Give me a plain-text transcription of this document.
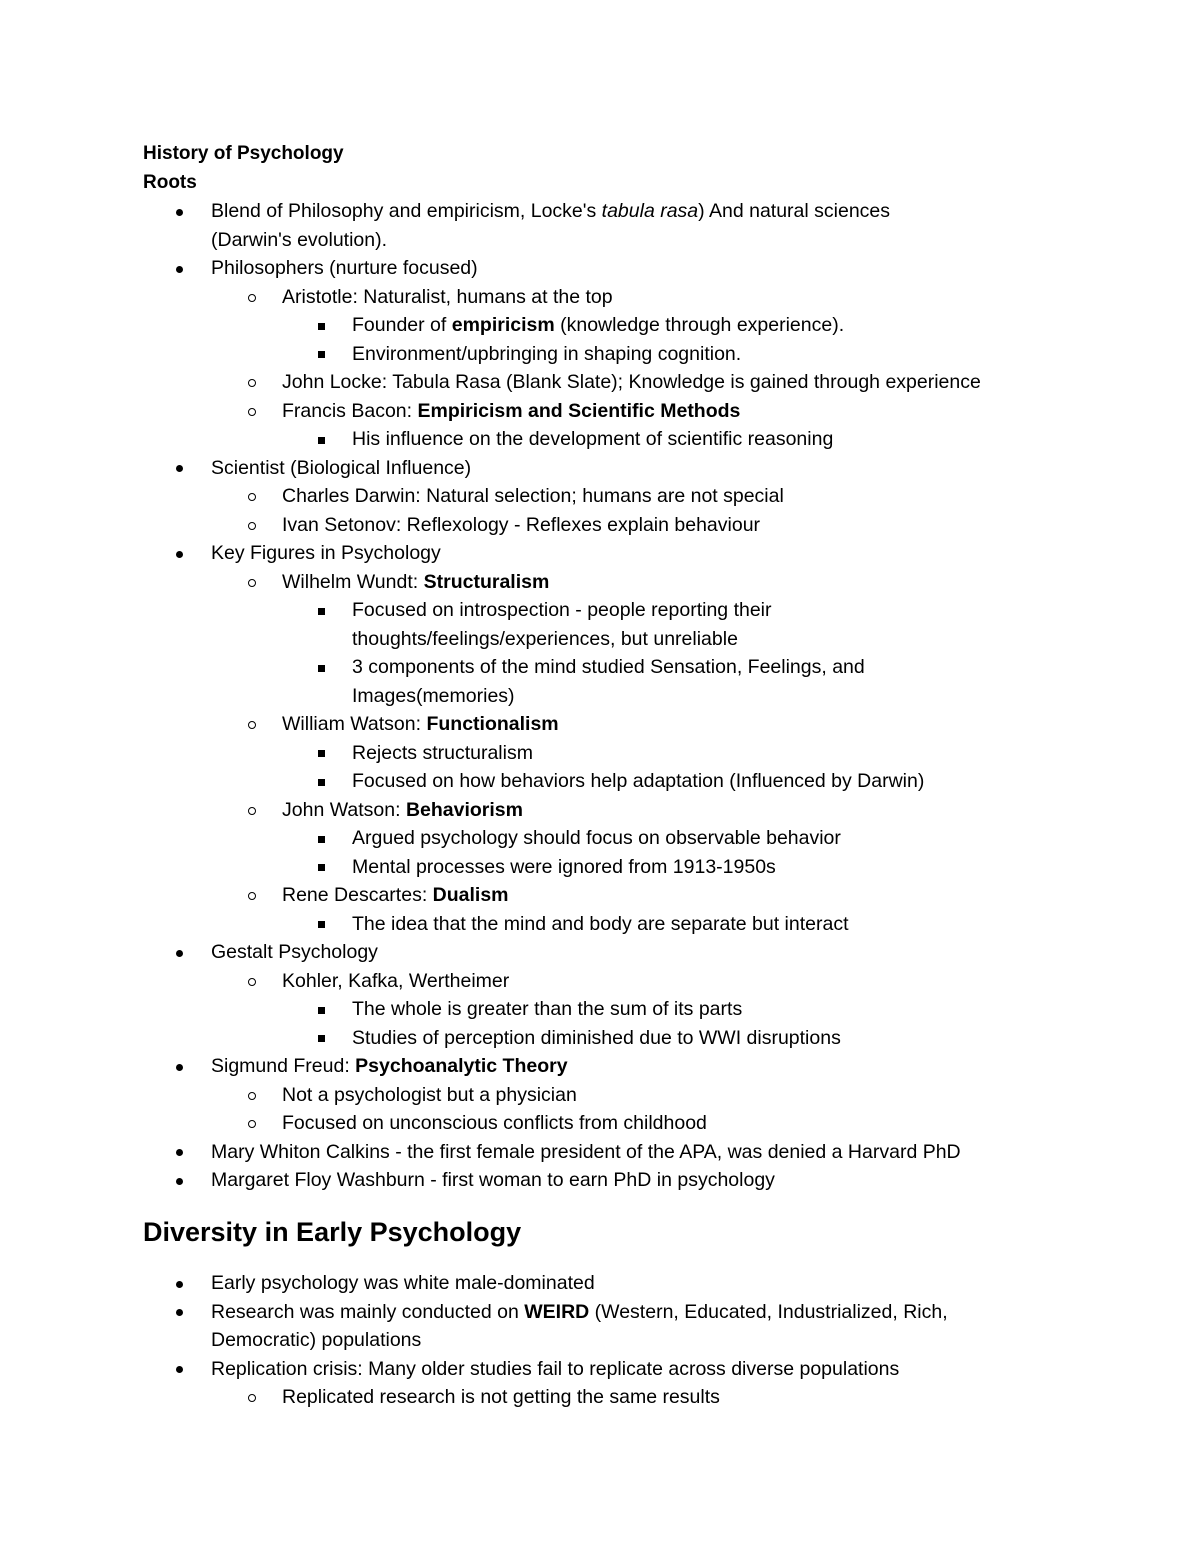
History of Psychology
Roots
Blend of Philosophy and empiricism, Locke's tabula rasa) And natural sciences
(Darwin's evolution).
Philosophers (nurture focused)
Aristotle: Naturalist, humans at the top
Founder of empiricism (knowledge through experience).
Environment/upbringing in shaping cognition.
John Locke: Tabula Rasa (Blank Slate); Knowledge is gained through experience
Francis Bacon: Empiricism and Scientific Methods
His influence on the development of scientific reasoning
Scientist (Biological Influence)
Charles Darwin: Natural selection; humans are not special
Ivan Setonov: Reflexology - Reflexes explain behaviour
Key Figures in Psychology
Wilhelm Wundt: Structuralism
Focused on introspection - people reporting their
thoughts/feelings/experiences, but unreliable
3 components of the mind studied Sensation, Feelings, and
Images(memories)
William Watson: Functionalism
Rejects structuralism
Focused on how behaviors help adaptation (Influenced by Darwin)
John Watson: Behaviorism
Argued psychology should focus on observable behavior
Mental processes were ignored from 1913-1950s
Rene Descartes: Dualism
The idea that the mind and body are separate but interact
Gestalt Psychology
Kohler, Kafka, Wertheimer
The whole is greater than the sum of its parts
Studies of perception diminished due to WWI disruptions
Sigmund Freud: Psychoanalytic Theory
Not a psychologist but a physician
Focused on unconscious conflicts from childhood
Mary Whiton Calkins - the first female president of the APA, was denied a Harvard PhD
Margaret Floy Washburn - first woman to earn PhD in psychology
Diversity in Early Psychology
Early psychology was white male-dominated
Research was mainly conducted on WEIRD (Western, Educated, Industrialized, Rich,
Democratic) populations
Replication crisis: Many older studies fail to replicate across diverse populations
Replicated research is not getting the same results
